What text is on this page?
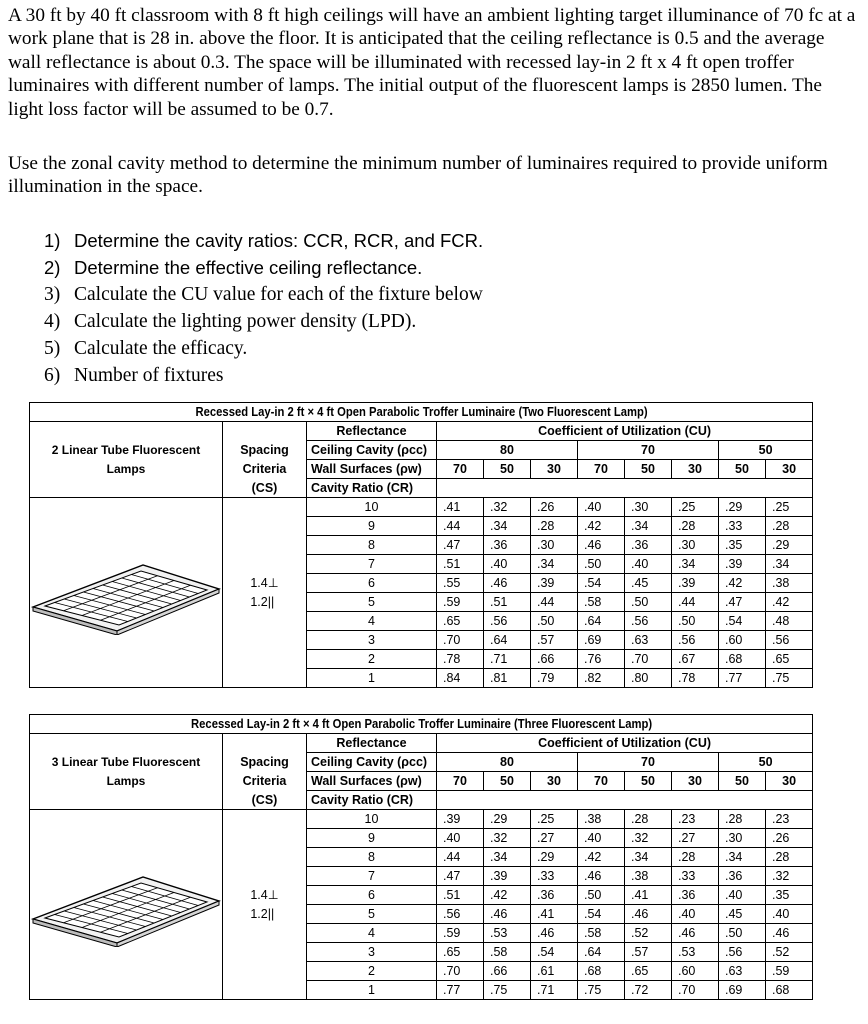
A 30 ft by 40 ft classroom with 8 ft high ceilings will have an ambient lighting target illuminance of 70 fc at a work plane that is 28 in. above the floor. It is anticipated that the ceiling reflectance is 0.5 and the average wall reflectance is about 0.3. The space will be illuminated with recessed lay-in 2 ft x 4 ft open troffer luminaires with different number of lamps. The initial output of the fluorescent lamps is 2850 lumen. The light loss factor will be assumed to be 0.7.

Use the zonal cavity method to determine the minimum number of luminaires required to provide uniform illumination in the space.

1) Determine the cavity ratios: CCR, RCR, and FCR.
2) Determine the effective ceiling reflectance.
3) Calculate the CU value for each of the fixture below
4) Calculate the lighting power density (LPD).
5) Calculate the efficacy.
6) Number of fixtures
Recessed Lay-in 2 ft × 4 ft Open Parabolic Troffer Luminaire (Two Fluorescent Lamp)										
2 Linear Tube Fluorescent Lamps		Reflectance	Coefficient of Utilization (CU)							
	Spacing	Ceiling Cavity (ρcc)	80			70			50	
	Criteria	Wall Surfaces (ρw)	70	50	30	70	50	30	50	30
	(CS)	Cavity Ratio (CR)								

1.4⊥
1.2||	10	.41	.32	.26	.40	.30	.25	.29	.25
		9	.44	.34	.28	.42	.34	.28	.33	.28
		8	.47	.36	.30	.46	.36	.30	.35	.29
		7	.51	.40	.34	.50	.40	.34	.39	.34
		6	.55	.46	.39	.54	.45	.39	.42	.38
		5	.59	.51	.44	.58	.50	.44	.47	.42
		4	.65	.56	.50	.64	.56	.50	.54	.48
		3	.70	.64	.57	.69	.63	.56	.60	.56
		2	.78	.71	.66	.76	.70	.67	.68	.65
		1	.84	.81	.79	.82	.80	.78	.77	.75
Recessed Lay-in 2 ft × 4 ft Open Parabolic Troffer Luminaire (Three Fluorescent Lamp)										
3 Linear Tube Fluorescent Lamps		Reflectance	Coefficient of Utilization (CU)							
	Spacing	Ceiling Cavity (ρcc)	80			70			50	
	Criteria	Wall Surfaces (ρw)	70	50	30	70	50	30	50	30
	(CS)	Cavity Ratio (CR)								

1.4⊥
1.2||	10	.39	.29	.25	.38	.28	.23	.28	.23
		9	.40	.32	.27	.40	.32	.27	.30	.26
		8	.44	.34	.29	.42	.34	.28	.34	.28
		7	.47	.39	.33	.46	.38	.33	.36	.32
		6	.51	.42	.36	.50	.41	.36	.40	.35
		5	.56	.46	.41	.54	.46	.40	.45	.40
		4	.59	.53	.46	.58	.52	.46	.50	.46
		3	.65	.58	.54	.64	.57	.53	.56	.52
		2	.70	.66	.61	.68	.65	.60	.63	.59
		1	.77	.75	.71	.75	.72	.70	.69	.68
